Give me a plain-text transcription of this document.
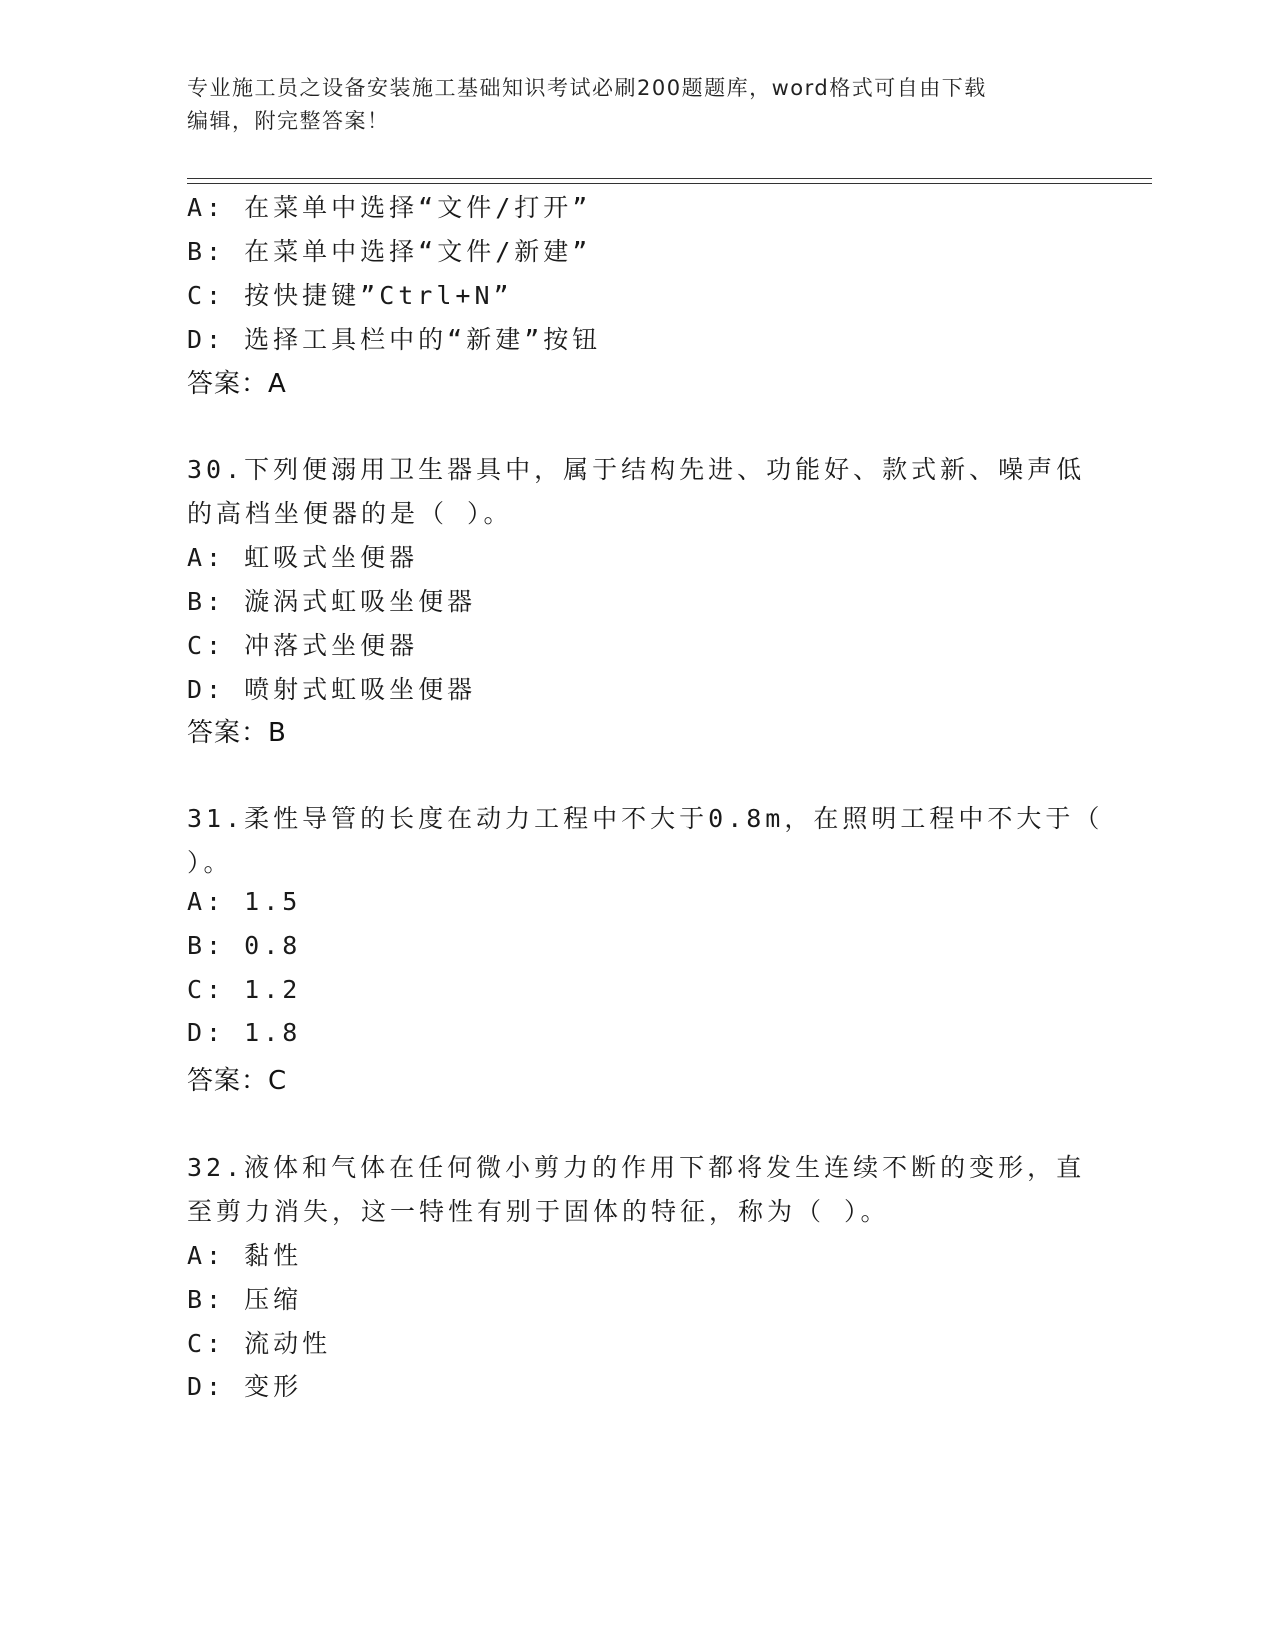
专业施工员之设备安装施工基础知识考试必刷200题题库，word格式可自由下载
编辑，附完整答案！
A: 在菜单中选择“文件/打开”
B: 在菜单中选择“文件/新建”
C: 按快捷键”Ctrl+N”
D: 选择工具栏中的“新建”按钮
答案：A
30.下列便溺用卫生器具中，属于结构先进、功能好、款式新、噪声低
的高档坐便器的是（ ）。
A: 虹吸式坐便器
B: 漩涡式虹吸坐便器
C: 冲落式坐便器
D: 喷射式虹吸坐便器
答案：B
31.柔性导管的长度在动力工程中不大于0.8m，在照明工程中不大于（
）。
A: 1.5
B: 0.8
C: 1.2
D: 1.8
答案：C
32.液体和气体在任何微小剪力的作用下都将发生连续不断的变形，直
至剪力消失，这一特性有别于固体的特征，称为（ ）。
A: 黏性
B: 压缩
C: 流动性
D: 变形
